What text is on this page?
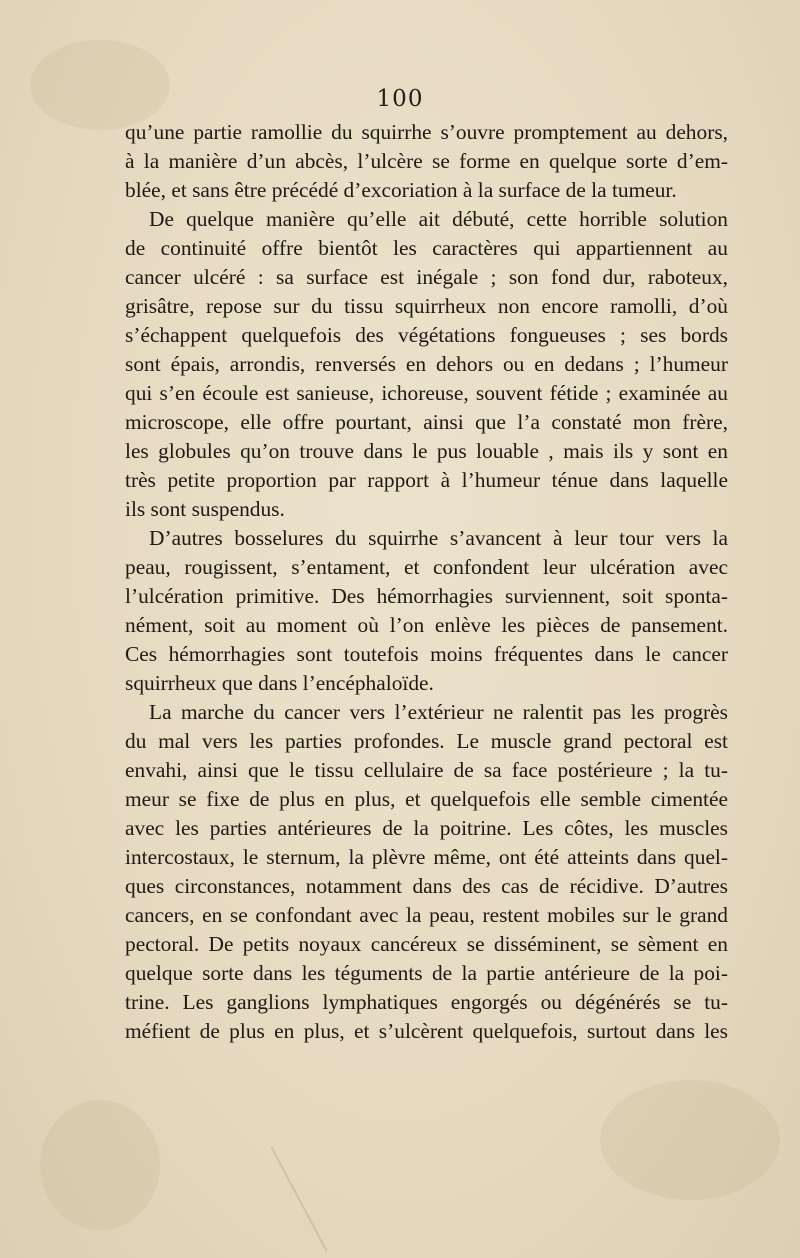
100
qu’une partie ramollie du squirrhe s’ouvre promptement au dehors,
à la manière d’un abcès, l’ulcère se forme en quelque sorte d’em-
blée, et sans être précédé d’excoriation à la surface de la tumeur.
De quelque manière qu’elle ait débuté, cette horrible solution
de continuité offre bientôt les caractères qui appartiennent au
cancer ulcéré : sa surface est inégale ; son fond dur, raboteux,
grisâtre, repose sur du tissu squirrheux non encore ramolli, d’où
s’échappent quelquefois des végétations fongueuses ; ses bords
sont épais, arrondis, renversés en dehors ou en dedans ; l’humeur
qui s’en écoule est sanieuse, ichoreuse, souvent fétide ; examinée au
microscope, elle offre pourtant, ainsi que l’a constaté mon frère,
les globules qu’on trouve dans le pus louable , mais ils y sont en
très petite proportion par rapport à l’humeur ténue dans laquelle
ils sont suspendus.
D’autres bosselures du squirrhe s’avancent à leur tour vers la
peau, rougissent, s’entament, et confondent leur ulcération avec
l’ulcération primitive. Des hémorrhagies surviennent, soit sponta-
nément, soit au moment où l’on enlève les pièces de pansement.
Ces hémorrhagies sont toutefois moins fréquentes dans le cancer
squirrheux que dans l’encéphaloïde.
La marche du cancer vers l’extérieur ne ralentit pas les progrès
du mal vers les parties profondes. Le muscle grand pectoral est
envahi, ainsi que le tissu cellulaire de sa face postérieure ; la tu-
meur se fixe de plus en plus, et quelquefois elle semble cimentée
avec les parties antérieures de la poitrine. Les côtes, les muscles
intercostaux, le sternum, la plèvre même, ont été atteints dans quel-
ques circonstances, notamment dans des cas de récidive. D’autres
cancers, en se confondant avec la peau, restent mobiles sur le grand
pectoral. De petits noyaux cancéreux se disséminent, se sèment en
quelque sorte dans les téguments de la partie antérieure de la poi-
trine. Les ganglions lymphatiques engorgés ou dégénérés se tu-
méfient de plus en plus, et s’ulcèrent quelquefois, surtout dans les
